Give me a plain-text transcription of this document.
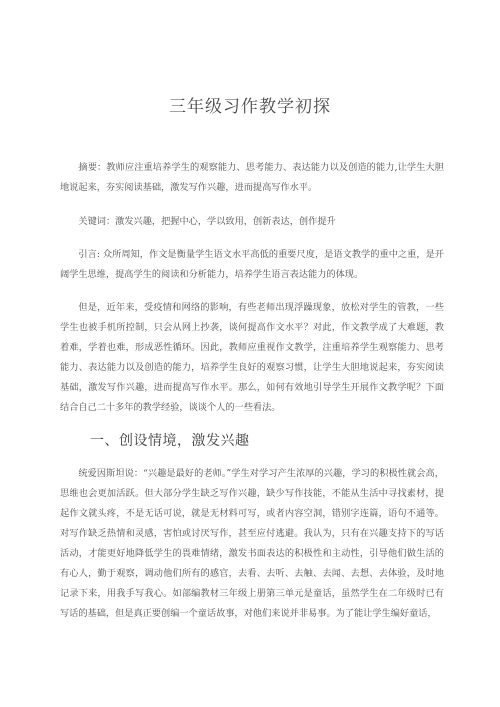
三年级习作教学初探

摘要：教师应注重培养学生的观察能力、思考能力、表达能力以及创造的能力,让学生大胆地说起来，夯实阅读基础，激发写作兴趣，进而提高写作水平。

关键词：激发兴趣，把握中心，学以致用，创新表达，创作提升

引言: 众所周知，作文是衡量学生语文水平高低的重要尺度，是语文教学的重中之重，是开阔学生思维，提高学生的阅读和分析能力，培养学生语言表达能力的体现。

但是，近年来，受疫情和网络的影响，有些老师出现浮躁现象，放松对学生的管教，一些学生也被手机所控制，只会从网上抄袭，谈何提高作文水平？对此，作文教学成了大难题，教着难，学着也难，形成恶性循环。因此，教师应重视作文教学，注重培养学生观察能力、思考能力、表达能力以及创造的能力，培养学生良好的观察习惯，让学生大胆地说起来，夯实阅读基础，激发写作兴趣，进而提高写作水平。那么，如何有效地引导学生开展作文教学呢？下面结合自己二十多年的教学经验，谈谈个人的一些看法。

一、创设情境，激发兴趣

统爱因斯坦说：“兴趣是最好的老师。”学生对学习产生浓厚的兴趣，学习的积极性就会高，思维也会更加活跃。但大部分学生缺乏写作兴趣，缺少写作技能，不能从生活中寻找素材，提起作文就头疼，不是无话可说，就是无材料可写，或者内容空洞，错别字连篇，语句不通等。对写作缺乏热情和灵感，害怕或讨厌写作，甚至应付逃避。我认为，只有在兴趣支持下的写话活动，才能更好地降低学生的畏难情绪，激发书面表达的积极性和主动性，引导他们做生活的有心人，勤于观察，调动他们所有的感官，去看、去听、去触、去闻、去想、去体验，及时地记录下来，用我手写我心。如部编教材三年级上册第三单元是童话，虽然学生在二年级时已有写话的基础，但是真正要创编一个童话故事，对他们来说并非易事。为了能让学生编好童话，
